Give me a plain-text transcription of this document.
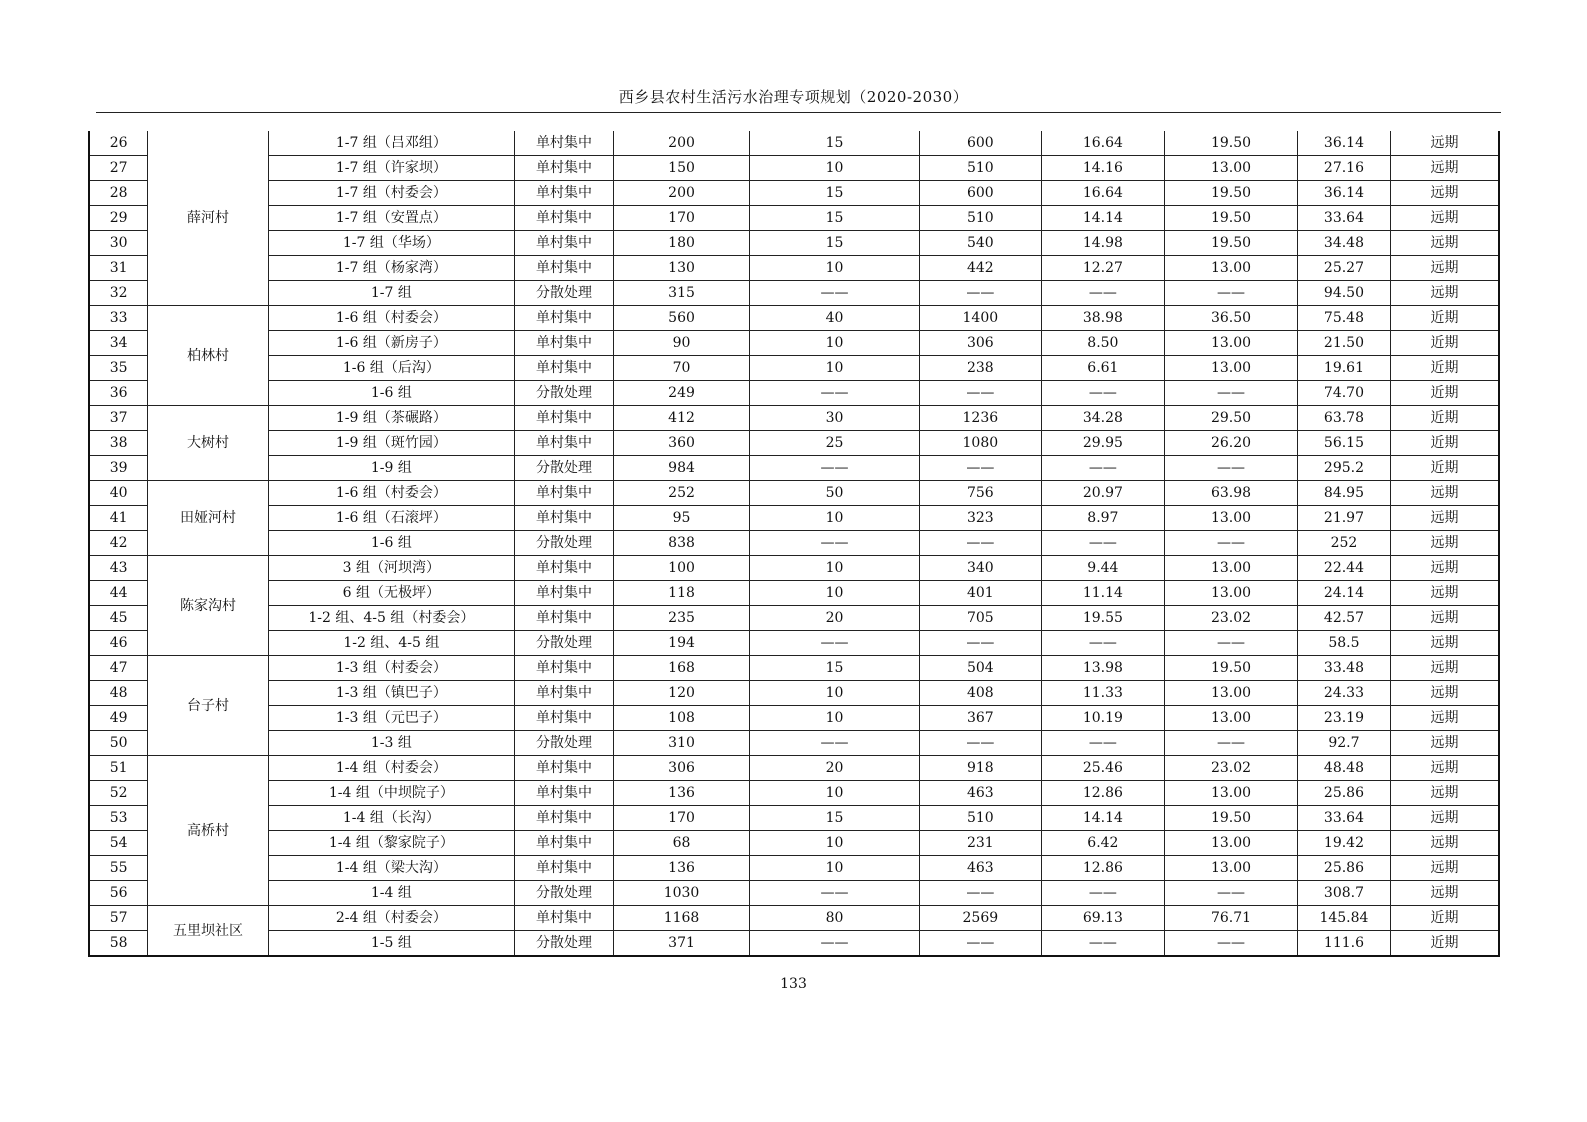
西乡县农村生活污水治理专项规划（2020-2030）
26	薛河村	1-7 组（吕邓组）	单村集中	200	15	600	16.64	19.50	36.14	远期
27		1-7 组（许家坝）	单村集中	150	10	510	14.16	13.00	27.16	远期
28		1-7 组（村委会）	单村集中	200	15	600	16.64	19.50	36.14	远期
29		1-7 组（安置点）	单村集中	170	15	510	14.14	19.50	33.64	远期
30		1-7 组（华场）	单村集中	180	15	540	14.98	19.50	34.48	远期
31		1-7 组（杨家湾）	单村集中	130	10	442	12.27	13.00	25.27	远期
32		1-7 组	分散处理	315	——	——	——	——	94.50	远期
33	柏林村	1-6 组（村委会）	单村集中	560	40	1400	38.98	36.50	75.48	近期
34		1-6 组（新房子）	单村集中	90	10	306	8.50	13.00	21.50	近期
35		1-6 组（后沟）	单村集中	70	10	238	6.61	13.00	19.61	近期
36		1-6 组	分散处理	249	——	——	——	——	74.70	近期
37	大树村	1-9 组（茶碾路）	单村集中	412	30	1236	34.28	29.50	63.78	近期
38		1-9 组（斑竹园）	单村集中	360	25	1080	29.95	26.20	56.15	近期
39		1-9 组	分散处理	984	——	——	——	——	295.2	近期
40	田娅河村	1-6 组（村委会）	单村集中	252	50	756	20.97	63.98	84.95	远期
41		1-6 组（石滚坪）	单村集中	95	10	323	8.97	13.00	21.97	远期
42		1-6 组	分散处理	838	——	——	——	——	252	远期
43	陈家沟村	3 组（河坝湾）	单村集中	100	10	340	9.44	13.00	22.44	远期
44		6 组（无极坪）	单村集中	118	10	401	11.14	13.00	24.14	远期
45		1-2 组、4-5 组（村委会）	单村集中	235	20	705	19.55	23.02	42.57	远期
46		1-2 组、4-5 组	分散处理	194	——	——	——	——	58.5	远期
47	台子村	1-3 组（村委会）	单村集中	168	15	504	13.98	19.50	33.48	远期
48		1-3 组（镇巴子）	单村集中	120	10	408	11.33	13.00	24.33	远期
49		1-3 组（元巴子）	单村集中	108	10	367	10.19	13.00	23.19	远期
50		1-3 组	分散处理	310	——	——	——	——	92.7	远期
51	高桥村	1-4 组（村委会）	单村集中	306	20	918	25.46	23.02	48.48	远期
52		1-4 组（中坝院子）	单村集中	136	10	463	12.86	13.00	25.86	远期
53		1-4 组（长沟）	单村集中	170	15	510	14.14	19.50	33.64	远期
54		1-4 组（黎家院子）	单村集中	68	10	231	6.42	13.00	19.42	远期
55		1-4 组（梁大沟）	单村集中	136	10	463	12.86	13.00	25.86	远期
56		1-4 组	分散处理	1030	——	——	——	——	308.7	远期
57	五里坝社区	2-4 组（村委会）	单村集中	1168	80	2569	69.13	76.71	145.84	近期
58		1-5 组	分散处理	371	——	——	——	——	111.6	近期
133
